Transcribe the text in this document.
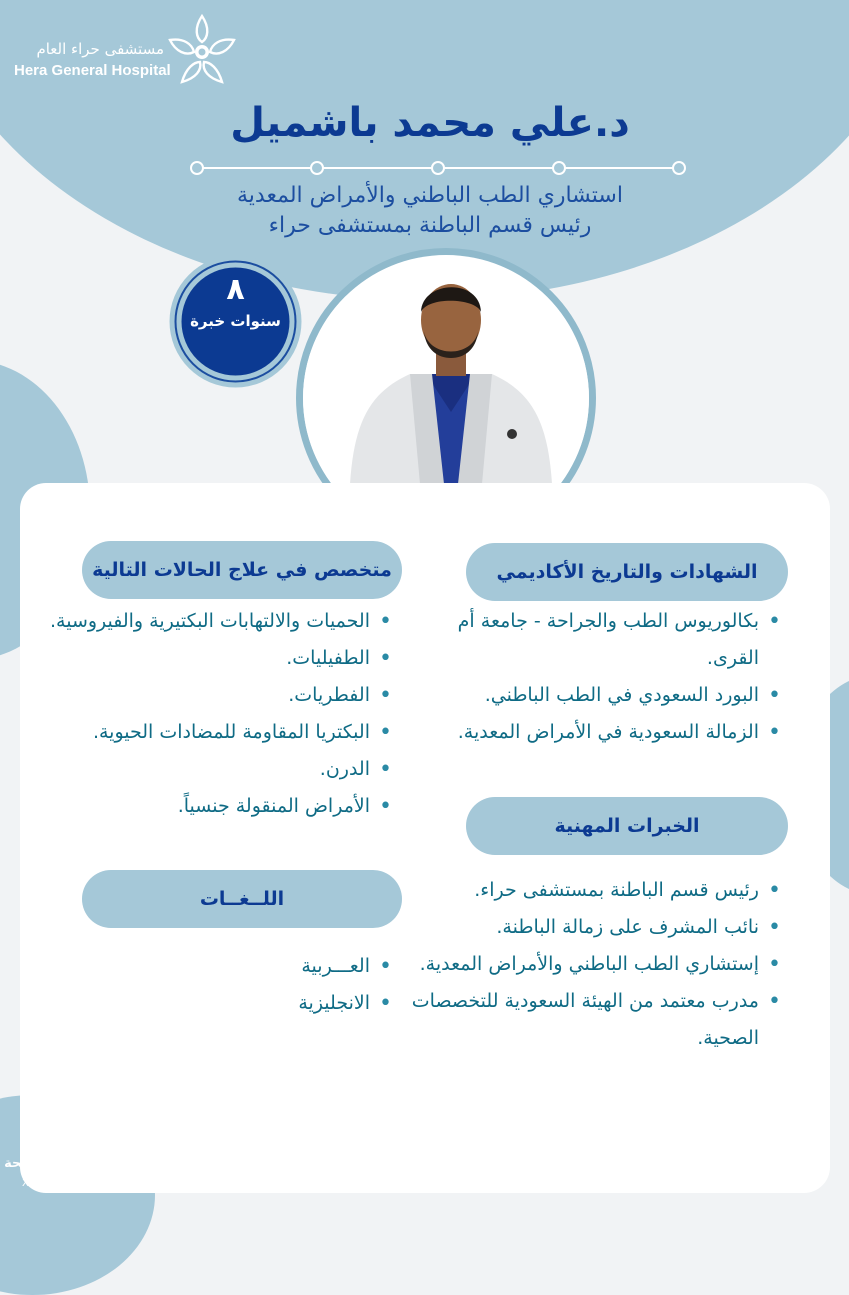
مستشفى حراء العام
Hera General Hospital
د.علي محمد باشميل
استشاري الطب الباطني والأمراض المعدية
رئيس قسم الباطنة بمستشفى حراء
٨
سنوات خبرة
الشهادات والتاريخ الأكاديمي
• بكالوريوس الطب والجراحة - جامعة أم القرى.
• البورد السعودي في الطب الباطني.
• الزمالة السعودية في الأمراض المعدية.
الخبرات المهنية
• رئيس قسم الباطنة بمستشفى حراء.
• نائب المشرف على زمالة الباطنة.
• إستشاري الطب الباطني والأمراض المعدية.
• مدرب معتمد من الهيئة السعودية للتخصصات الصحية.
متخصص في علاج الحالات التالية
• الحميات والالتهابات البكتيرية والفيروسية.
• الطفيليات.
• الفطريات.
• البكتريا المقاومة للمضادات الحيوية.
• الدرن.
• الأمراض المنقولة جنسياً.
اللــغــات
• العـــربية
• الانجليزية
لتبقـى مكة بصحة
X	HGH_MOH
